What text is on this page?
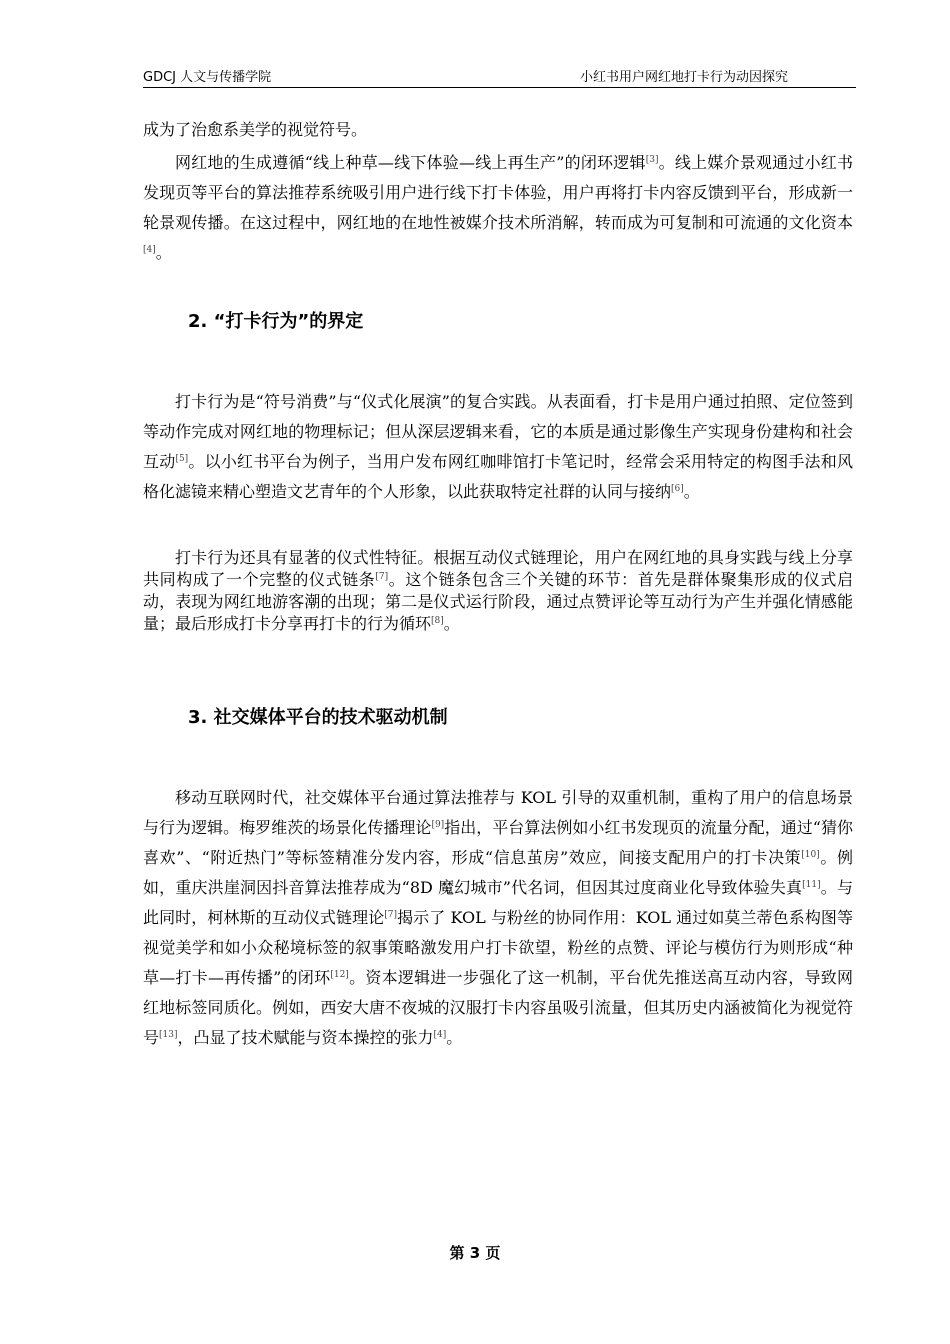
GDCJ 人文与传播学院	小红书用户网红地打卡行为动因探究

成为了治愈系美学的视觉符号。

网红地的生成遵循“线上种草—线下体验—线上再生产”的闭环逻辑[3]。线上媒介景观通过小红书发现页等平台的算法推荐系统吸引用户进行线下打卡体验，用户再将打卡内容反馈到平台，形成新一轮景观传播。在这过程中，网红地的在地性被媒介技术所消解，转而成为可复制和可流通的文化资本[4]。

2. “打卡行为”的界定

打卡行为是“符号消费”与“仪式化展演”的复合实践。从表面看，打卡是用户通过拍照、定位签到等动作完成对网红地的物理标记；但从深层逻辑来看，它的本质是通过影像生产实现身份建构和社会互动[5]。以小红书平台为例子，当用户发布网红咖啡馆打卡笔记时，经常会采用特定的构图手法和风格化滤镜来精心塑造文艺青年的个人形象，以此获取特定社群的认同与接纳[6]。

打卡行为还具有显著的仪式性特征。根据互动仪式链理论，用户在网红地的具身实践与线上分享共同构成了一个完整的仪式链条[7]。这个链条包含三个关键的环节：首先是群体聚集形成的仪式启动，表现为网红地游客潮的出现；第二是仪式运行阶段，通过点赞评论等互动行为产生并强化情感能量；最后形成打卡分享再打卡的行为循环[8]。

3. 社交媒体平台的技术驱动机制

移动互联网时代，社交媒体平台通过算法推荐与 KOL 引导的双重机制，重构了用户的信息场景与行为逻辑。梅罗维茨的场景化传播理论[9]指出，平台算法例如小红书发现页的流量分配，通过“猜你喜欢”、“附近热门”等标签精准分发内容，形成“信息茧房”效应，间接支配用户的打卡决策[10]。例如，重庆洪崖洞因抖音算法推荐成为“8D 魔幻城市”代名词，但因其过度商业化导致体验失真[11]。与此同时，柯林斯的互动仪式链理论[7]揭示了 KOL 与粉丝的协同作用：KOL 通过如莫兰蒂色系构图等视觉美学和如小众秘境标签的叙事策略激发用户打卡欲望，粉丝的点赞、评论与模仿行为则形成“种草—打卡—再传播”的闭环[12]。资本逻辑进一步强化了这一机制，平台优先推送高互动内容，导致网红地标签同质化。例如，西安大唐不夜城的汉服打卡内容虽吸引流量，但其历史内涵被简化为视觉符号[13]，凸显了技术赋能与资本操控的张力[4]。

第 3 页
